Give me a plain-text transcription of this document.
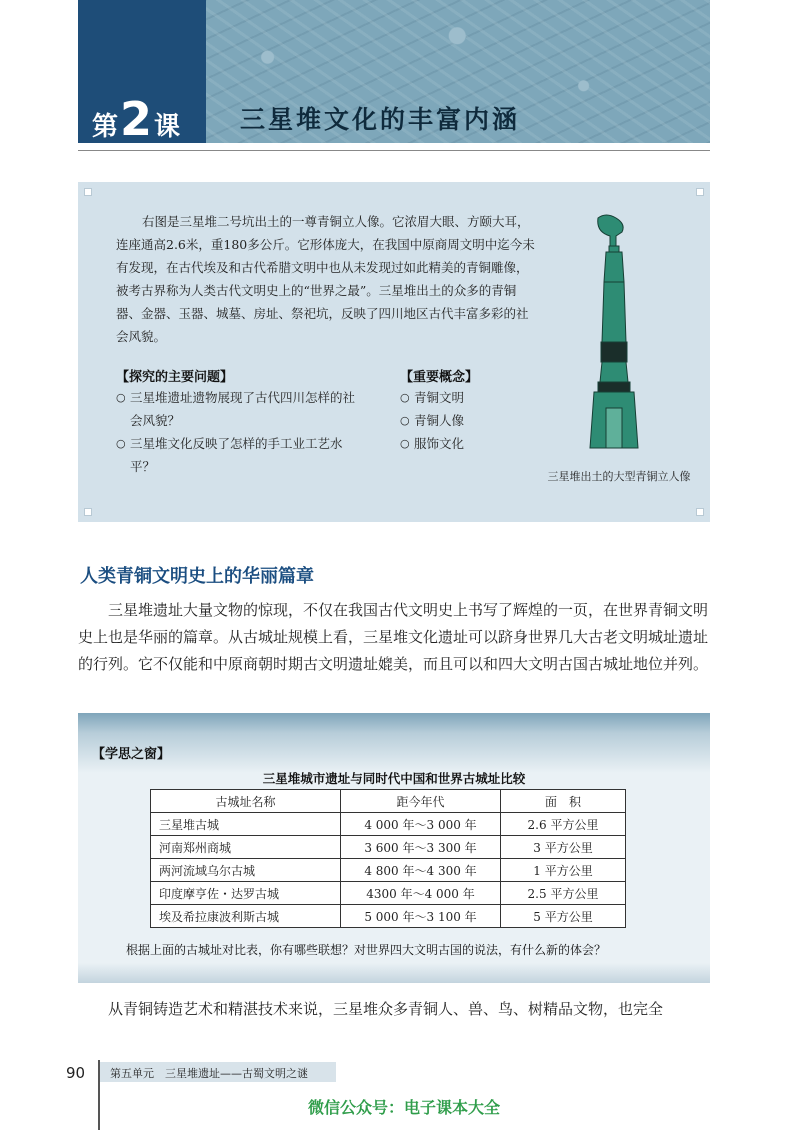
第 2 课 三星堆文化的丰富内涵

右图是三星堆二号坑出土的一尊青铜立人像。它浓眉大眼、方颐大耳，连座通高2.6米，重180多公斤。它形体庞大，在我国中原商周文明中迄今未有发现，在古代埃及和古代希腊文明中也从未发现过如此精美的青铜雕像，被考古界称为人类古代文明史上的“世界之最”。三星堆出土的众多的青铜器、金器、玉器、城墓、房址、祭祀坑，反映了四川地区古代丰富多彩的社会风貌。

【探究的主要问题】
○ 三星堆遗址遗物展现了古代四川怎样的社会风貌？
○ 三星堆文化反映了怎样的手工业工艺水平？
【重要概念】
○ 青铜文明
○ 青铜人像
○ 服饰文化
三星堆出土的大型青铜立人像
人类青铜文明史上的华丽篇章

三星堆遗址大量文物的惊现，不仅在我国古代文明史上书写了辉煌的一页，在世界青铜文明史上也是华丽的篇章。从古城址规模上看，三星堆文化遗址可以跻身世界几大古老文明城址遗址的行列。它不仅能和中原商朝时期古文明遗址媲美，而且可以和四大文明古国古城址地位并列。

【学思之窗】
三星堆城市遗址与同时代中国和世界古城址比较
古城址名称	距今年代	面　积
三星堆古城	4 000 年～3 000 年	2.6 平方公里
河南郑州商城	3 600 年～3 300 年	3 平方公里
两河流域乌尔古城	4 800 年～4 300 年	1 平方公里
印度摩亨佐・达罗古城	4300 年～4 000 年	2.5 平方公里
埃及希拉康波利斯古城	5 000 年～3 100 年	5 平方公里
根据上面的古城址对比表，你有哪些联想？对世界四大文明古国的说法，有什么新的体会？

从青铜铸造艺术和精湛技术来说，三星堆众多青铜人、兽、鸟、树精品文物，也完全

90 第五单元　三星堆遗址——古蜀文明之谜
微信公众号：电子课本大全
